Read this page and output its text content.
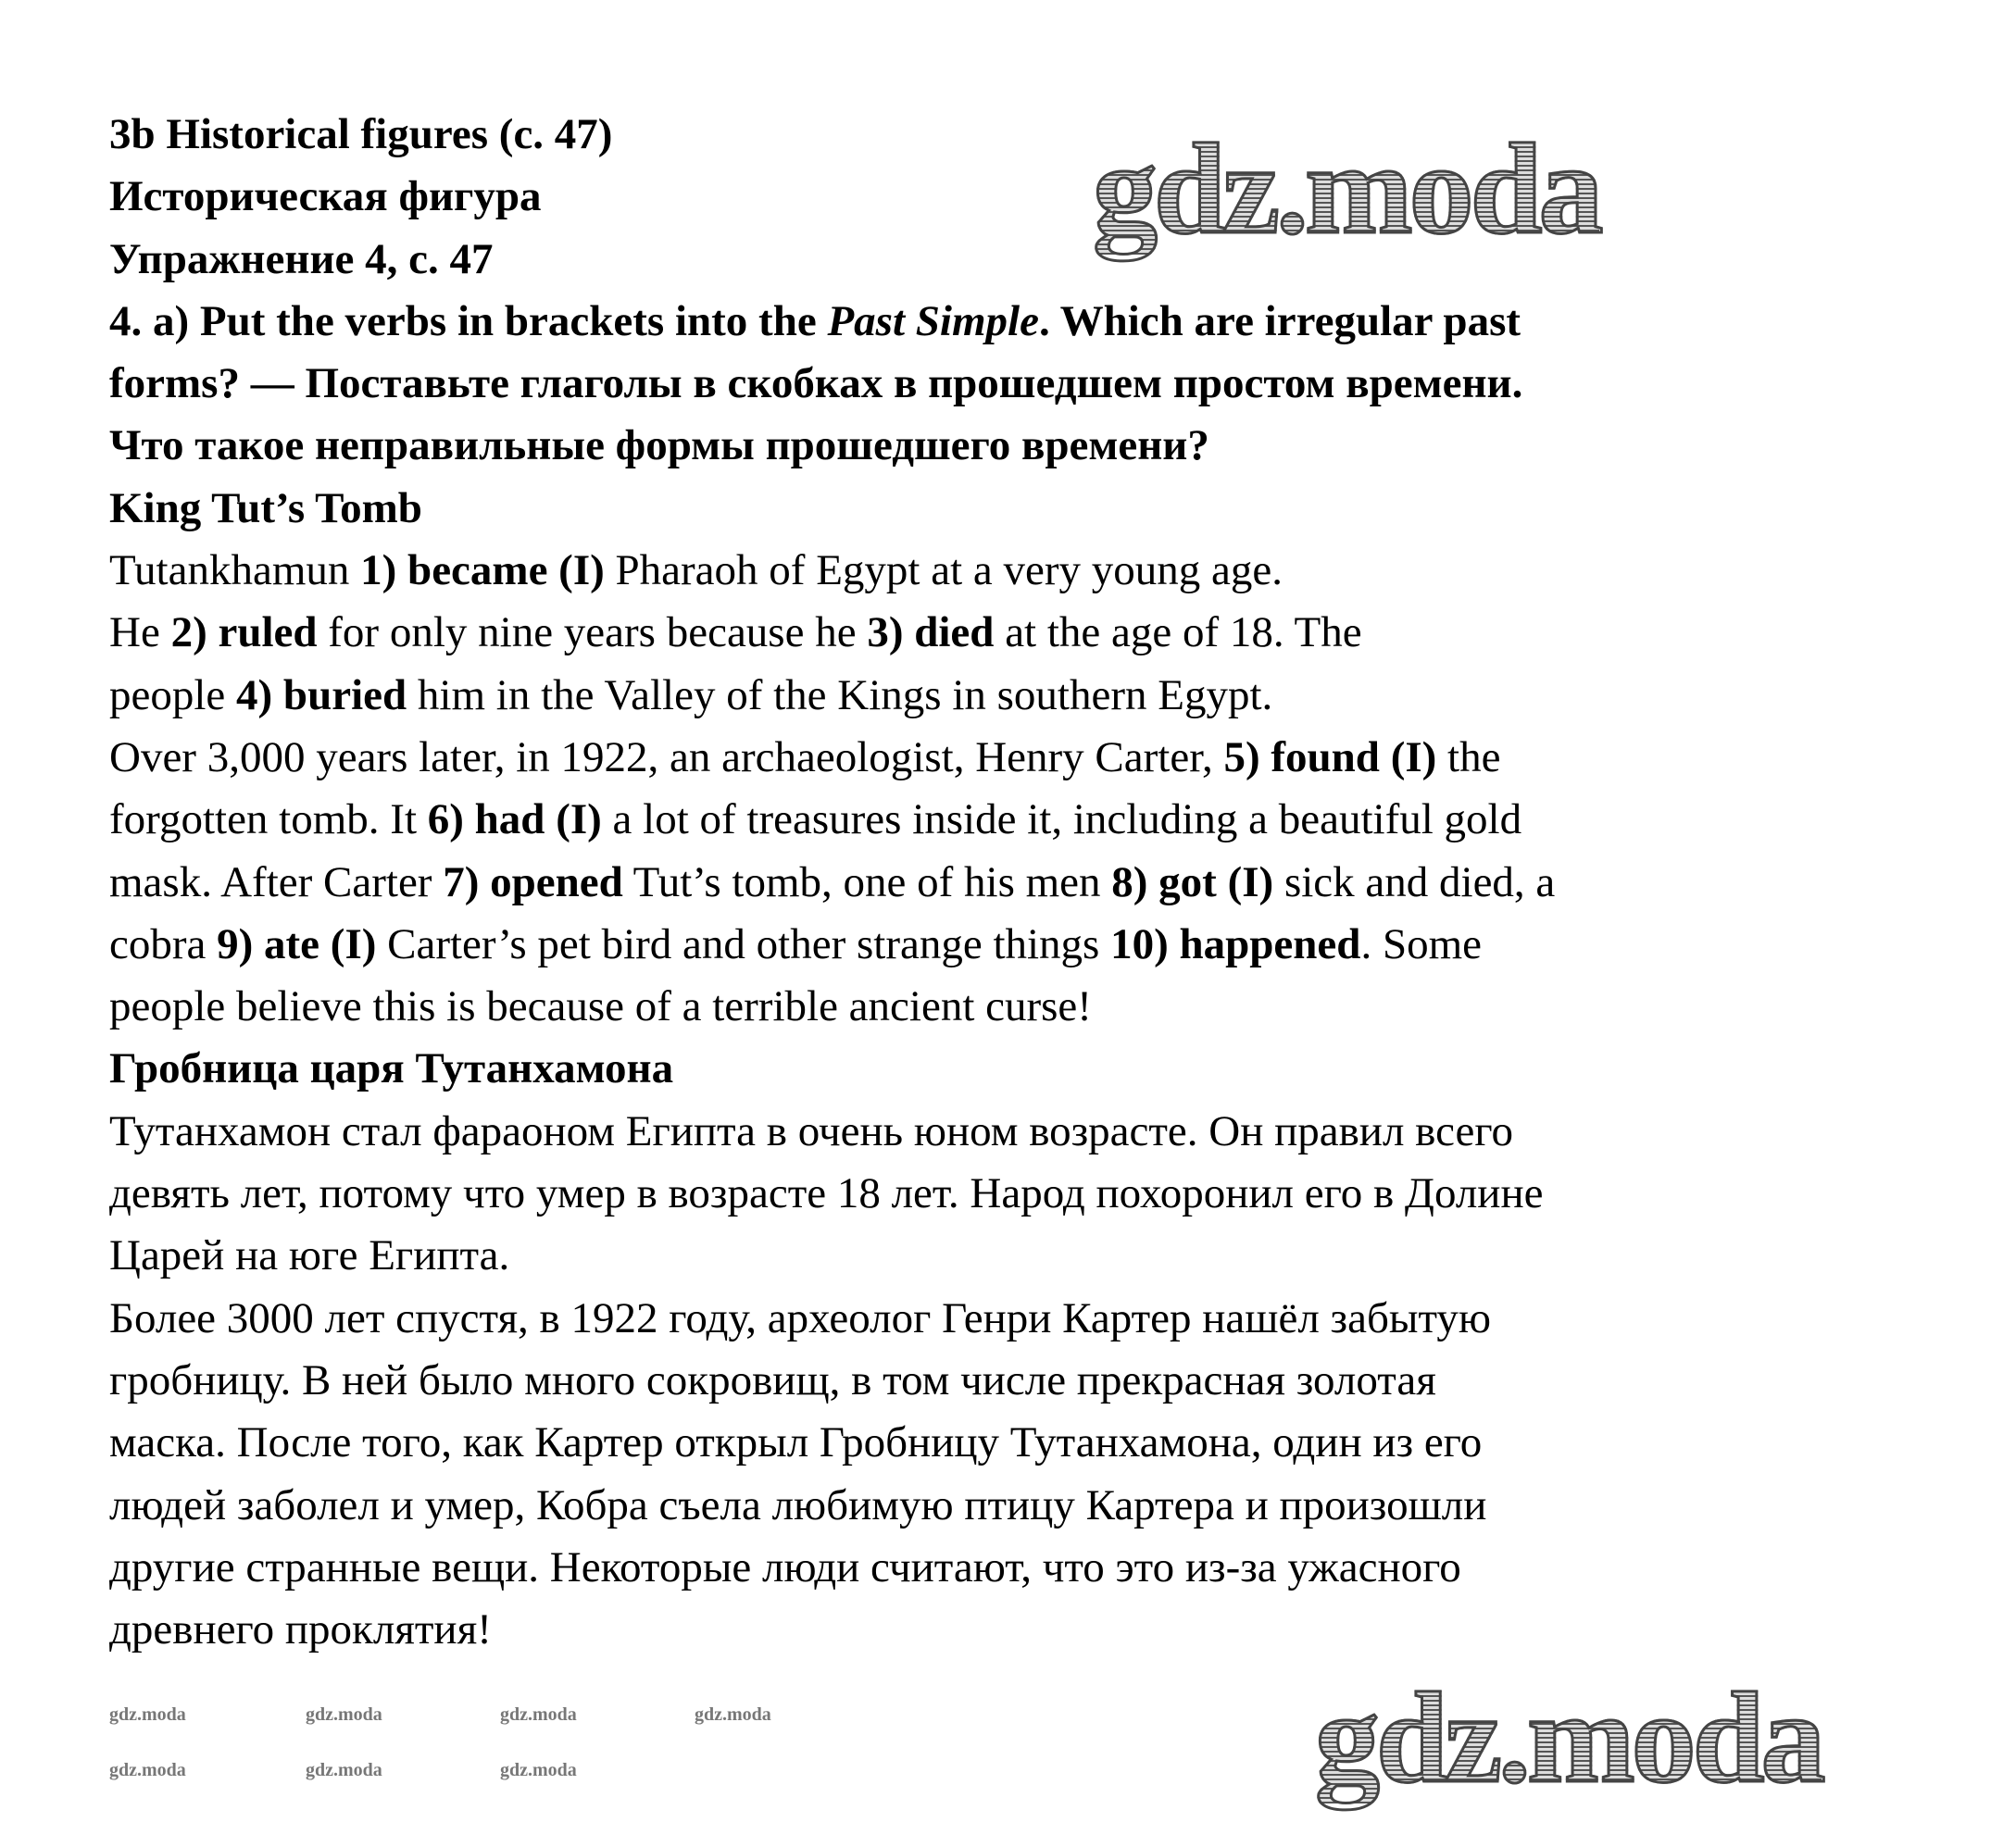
3b Historical figures (с. 47)
Историческая фигура
Упражнение 4, с. 47
4. a) Put the verbs in brackets into the Past Simple. Which are irregular past
forms? — Поставьте глаголы в скобках в прошедшем простом времени.
Что такое неправильные формы прошедшего времени?
King Tut’s Tomb
Tutankhamun 1) became (I) Pharaoh of Egypt at a very young age.
He 2) ruled for only nine years because he 3) died at the age of 18. The
people 4) buried him in the Valley of the Kings in southern Egypt.
Over 3,000 years later, in 1922, an archaeologist, Henry Carter, 5) found (I) the
forgotten tomb. It 6) had (I) a lot of treasures inside it, including a beautiful gold
mask. After Carter 7) opened Tut’s tomb, one of his men 8) got (I) sick and died, a
cobra 9) ate (I) Carter’s pet bird and other strange things 10) happened. Some
people believe this is because of a terrible ancient curse!
Гробница царя Тутанхамона
Тутанхамон стал фараоном Египта в очень юном возрасте. Он правил всего
девять лет, потому что умер в возрасте 18 лет. Народ похоронил его в Долине
Царей на юге Египта.
Более 3000 лет спустя, в 1922 году, археолог Генри Картер нашёл забытую
гробницу. В ней было много сокровищ, в том числе прекрасная золотая
маска. После того, как Картер открыл Гробницу Тутанхамона, один из его
людей заболел и умер, Кобра съела любимую птицу Картера и произошли
другие странные вещи. Некоторые люди считают, что это из-за ужасного
древнего проклятия!
gdz.moda
gdz.moda
gdz.moda	gdz.moda	gdz.moda	gdz.moda
gdz.moda	gdz.moda	gdz.moda
